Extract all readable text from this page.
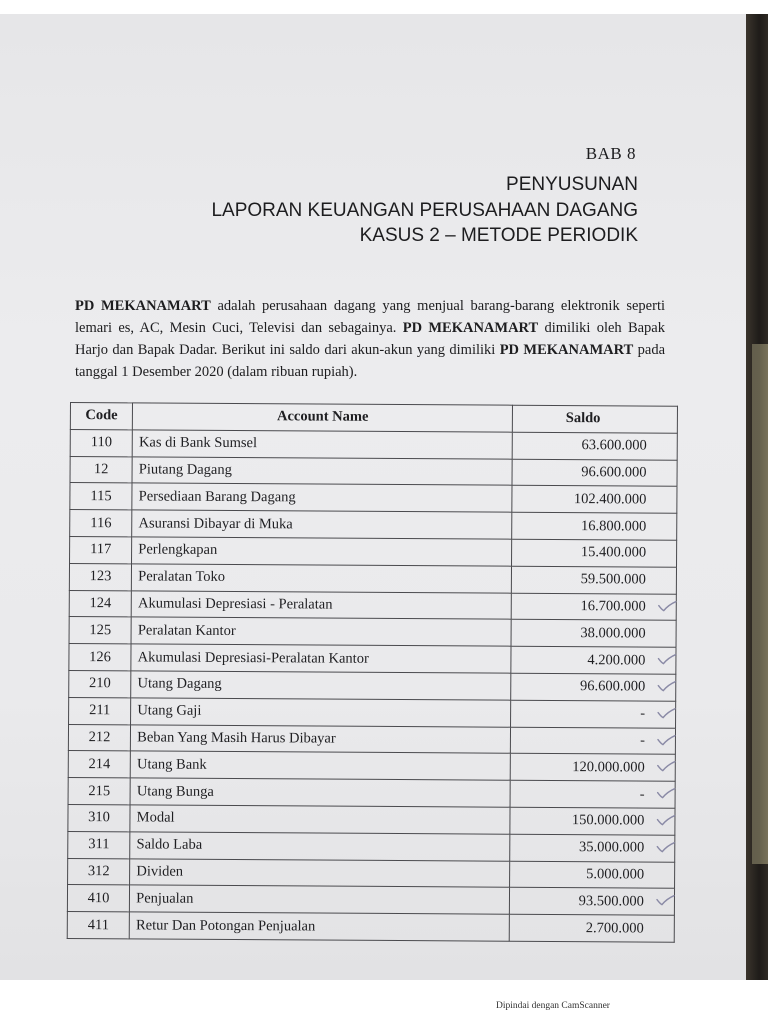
BAB 8
PENYUSUNAN
LAPORAN KEUANGAN PERUSAHAAN DAGANG
KASUS 2 – METODE PERIODIK

PD MEKANAMART adalah perusahaan dagang yang menjual barang-barang elektronik seperti lemari es, AC, Mesin Cuci, Televisi dan sebagainya. PD MEKANAMART dimiliki oleh Bapak Harjo dan Bapak Dadar. Berikut ini saldo dari akun-akun yang dimiliki PD MEKANAMART pada tanggal 1 Desember 2020 (dalam ribuan rupiah).

Code	Account Name	Saldo
110	Kas di Bank Sumsel	63.600.000
12	Piutang Dagang	96.600.000
115	Persediaan Barang Dagang	102.400.000
116	Asuransi Dibayar di Muka	16.800.000
117	Perlengkapan	15.400.000
123	Peralatan Toko	59.500.000
124	Akumulasi Depresiasi - Peralatan	16.700.000

125	Peralatan Kantor	38.000.000
126	Akumulasi Depresiasi-Peralatan Kantor	4.200.000

210	Utang Dagang	96.600.000

211	Utang Gaji	-

212	Beban Yang Masih Harus Dibayar	-

214	Utang Bank	120.000.000

215	Utang Bunga	-

310	Modal	150.000.000

311	Saldo Laba	35.000.000

312	Dividen	5.000.000
410	Penjualan	93.500.000

411	Retur Dan Potongan Penjualan	2.700.000
Dipindai dengan CamScanner
